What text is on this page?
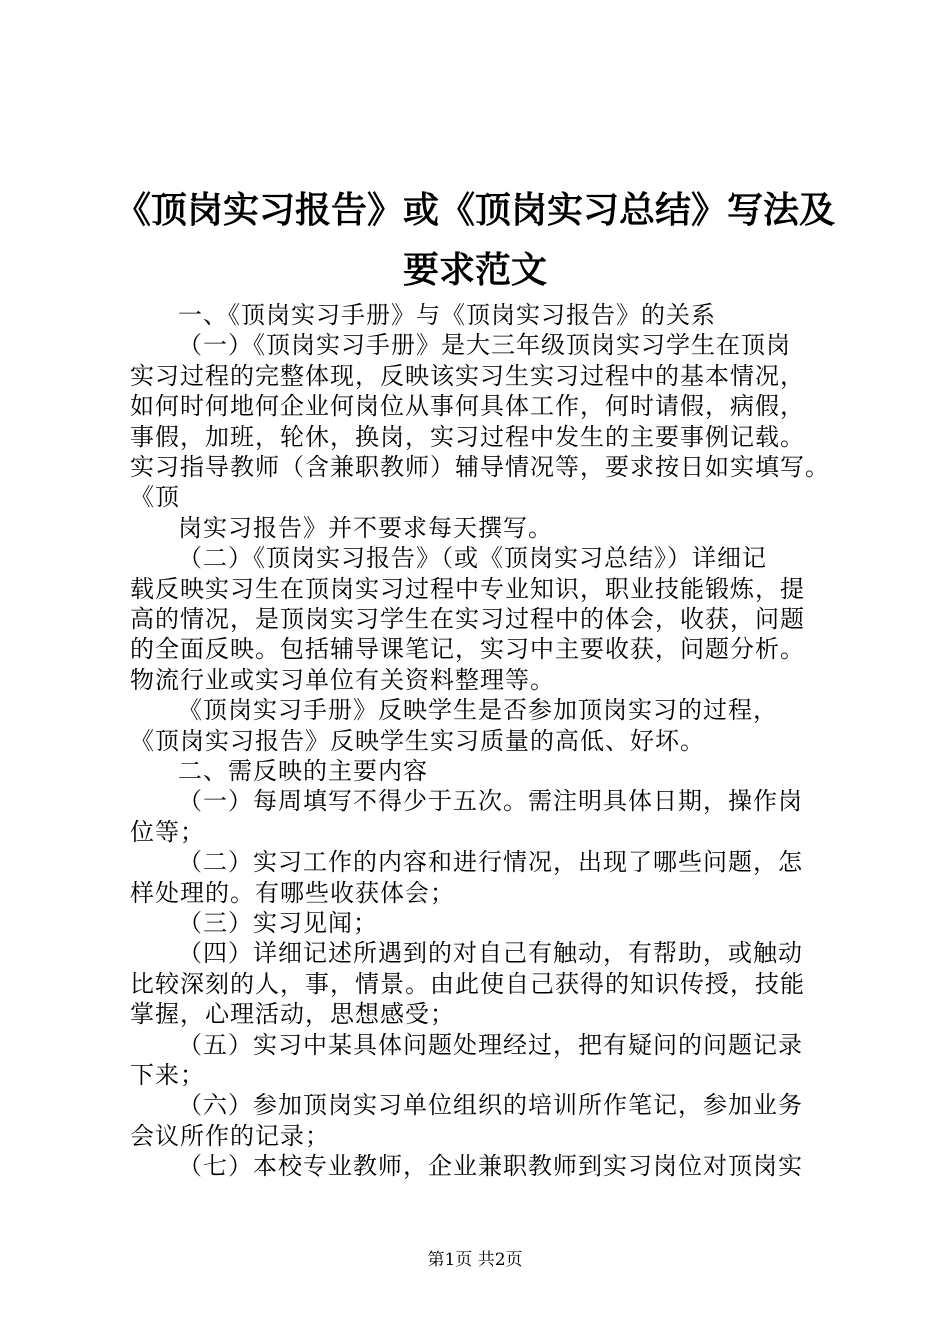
《顶岗实习报告》或《顶岗实习总结》写法及
要求范文
一、《顶岗实习手册》与《顶岗实习报告》的关系
（一）《顶岗实习手册》是大三年级顶岗实习学生在顶岗
实习过程的完整体现，反映该实习生实习过程中的基本情况，
如何时何地何企业何岗位从事何具体工作，何时请假，病假，
事假，加班，轮休，换岗，实习过程中发生的主要事例记载。
实习指导教师（含兼职教师）辅导情况等，要求按日如实填写。
《顶
岗实习报告》并不要求每天撰写。
（二）《顶岗实习报告》（或《顶岗实习总结》）详细记
载反映实习生在顶岗实习过程中专业知识，职业技能锻炼，提
高的情况，是顶岗实习学生在实习过程中的体会，收获，问题
的全面反映。包括辅导课笔记，实习中主要收获，问题分析。
物流行业或实习单位有关资料整理等。
《顶岗实习手册》反映学生是否参加顶岗实习的过程，
《顶岗实习报告》反映学生实习质量的高低、好坏。
二、需反映的主要内容
（一）每周填写不得少于五次。需注明具体日期，操作岗
位等；
（二）实习工作的内容和进行情况，出现了哪些问题，怎
样处理的。有哪些收获体会；
（三）实习见闻；
（四）详细记述所遇到的对自己有触动，有帮助，或触动
比较深刻的人，事，情景。由此使自己获得的知识传授，技能
掌握，心理活动，思想感受；
（五）实习中某具体问题处理经过，把有疑问的问题记录
下来；
（六）参加顶岗实习单位组织的培训所作笔记，参加业务
会议所作的记录；
（七）本校专业教师，企业兼职教师到实习岗位对顶岗实
第1页 共2页
